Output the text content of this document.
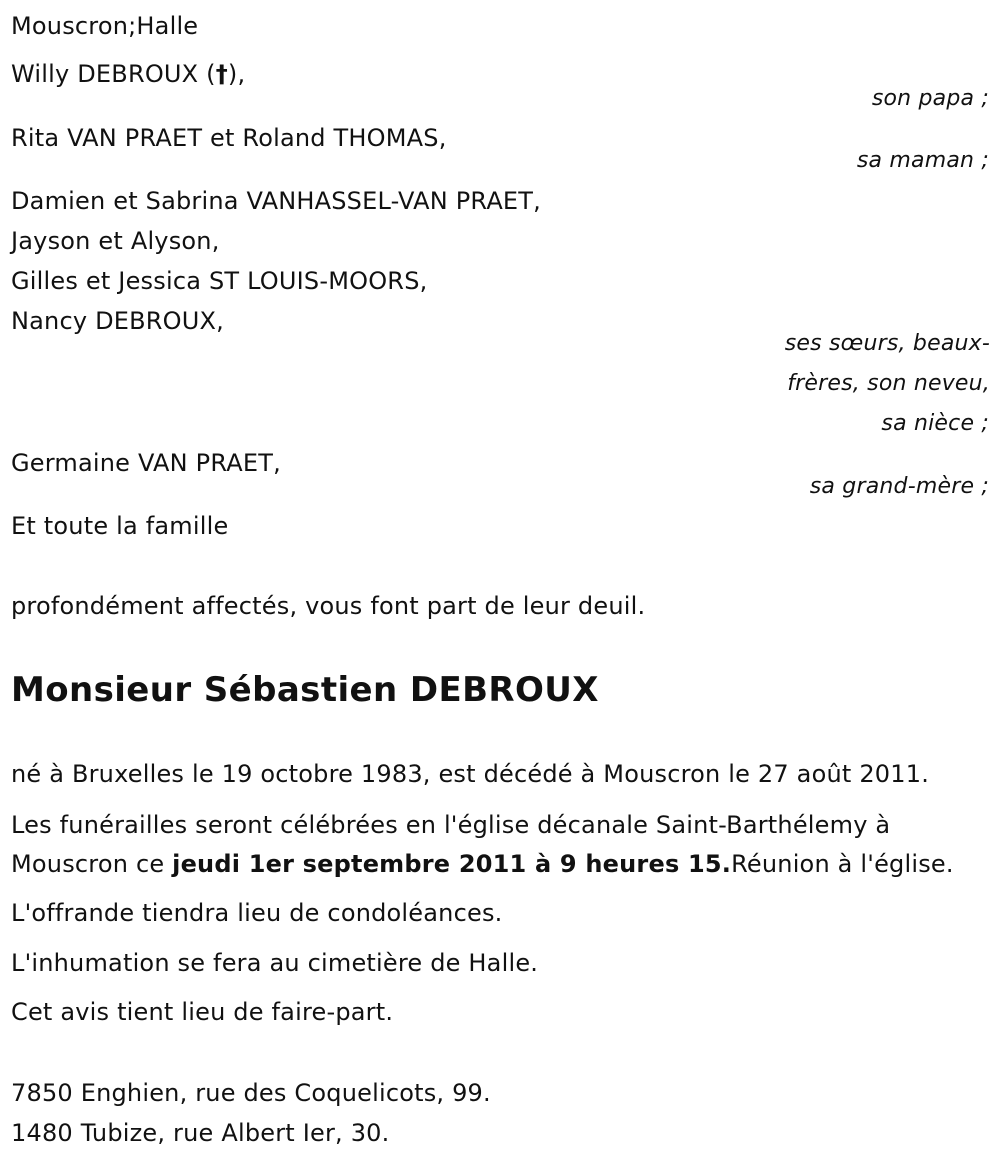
Mouscron;Halle
Willy DEBROUX (†),
son papa ;
Rita VAN PRAET et Roland THOMAS,
sa maman ;
Damien et Sabrina VANHASSEL-VAN PRAET,
Jayson et Alyson,
Gilles et Jessica ST LOUIS-MOORS,
Nancy DEBROUX,
ses sœurs, beaux-
frères, son neveu,
sa nièce ;
Germaine VAN PRAET,
sa grand-mère ;
Et toute la famille
profondément affectés, vous font part de leur deuil.
Monsieur Sébastien DEBROUX
né à Bruxelles le 19 octobre 1983, est décédé à Mouscron le 27 août 2011.
Les funérailles seront célébrées en l'église décanale Saint-Barthélemy à
Mouscron ce jeudi 1er septembre 2011 à 9 heures 15.Réunion à l'église.
L'offrande tiendra lieu de condoléances.
L'inhumation se fera au cimetière de Halle.
Cet avis tient lieu de faire-part.
7850 Enghien, rue des Coquelicots, 99.
1480 Tubize, rue Albert Ier, 30.
